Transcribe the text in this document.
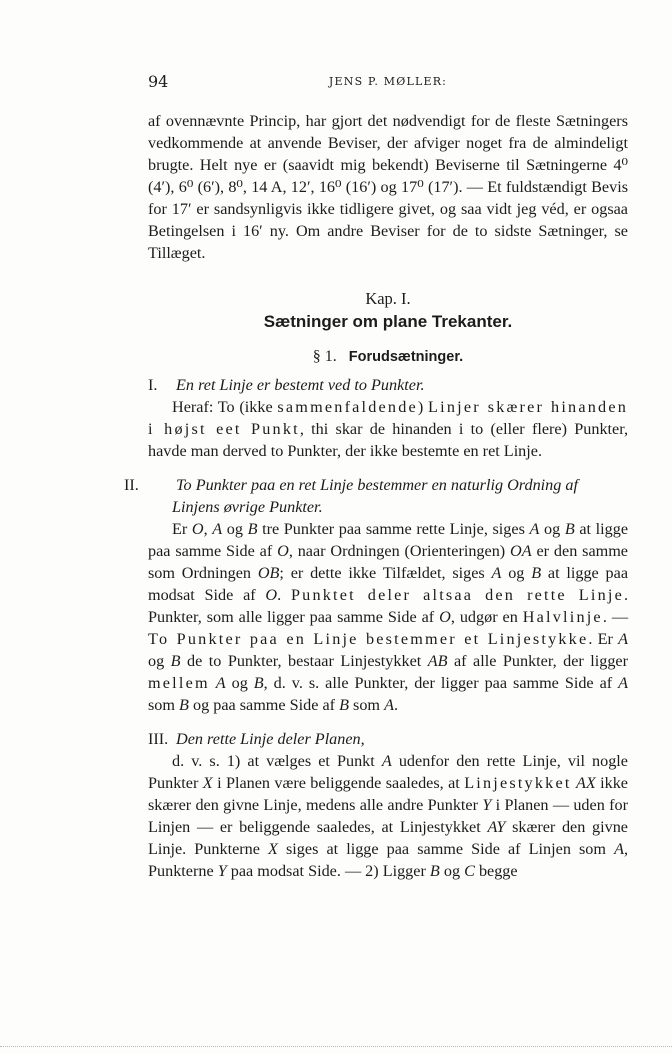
94	JENS P. MØLLER:

af ovennævnte Princip, har gjort det nødvendigt for de fleste Sætningers vedkommende at anvende Beviser, der afviger noget fra de almindeligt brugte. Helt nye er (saavidt mig bekendt) Beviserne til Sætningerne 4⁰ (4′), 6⁰ (6′), 8⁰, 14 A, 12′, 16⁰ (16′) og 17⁰ (17′). — Et fuldstændigt Bevis for 17′ er sandsynligvis ikke tidligere givet, og saa vidt jeg véd, er ogsaa Betingelsen i 16′ ny. Om andre Beviser for de to sidste Sætninger, se Tillæget.

Kap. I.

Sætninger om plane Trekanter.

§ 1. Forudsætninger.

I. En ret Linje er bestemt ved to Punkter.

Heraf: To (ikke sammenfaldende) Linjer skærer hinanden i højst eet Punkt, thi skar de hinanden i to (eller flere) Punkter, havde man derved to Punkter, der ikke bestemte en ret Linje.

II. To Punkter paa en ret Linje bestemmer en naturlig Ordning af Linjens øvrige Punkter.

Er O, A og B tre Punkter paa samme rette Linje, siges A og B at ligge paa samme Side af O, naar Ordningen (Orienteringen) OA er den samme som Ordningen OB; er dette ikke Tilfældet, siges A og B at ligge paa modsat Side af O. Punktet deler altsaa den rette Linje. Punkter, som alle ligger paa samme Side af O, udgør en Halvlinje. — To Punkter paa en Linje bestemmer et Linjestykke. Er A og B de to Punkter, bestaar Linjestykket AB af alle Punkter, der ligger mellem A og B, d. v. s. alle Punkter, der ligger paa samme Side af A som B og paa samme Side af B som A.

III. Den rette Linje deler Planen,

d. v. s. 1) at vælges et Punkt A udenfor den rette Linje, vil nogle Punkter X i Planen være beliggende saaledes, at Linjestykket AX ikke skærer den givne Linje, medens alle andre Punkter Y i Planen — uden for Linjen — er beliggende saaledes, at Linjestykket AY skærer den givne Linje. Punkterne X siges at ligge paa samme Side af Linjen som A, Punkterne Y paa modsat Side. — 2) Ligger B og C begge
